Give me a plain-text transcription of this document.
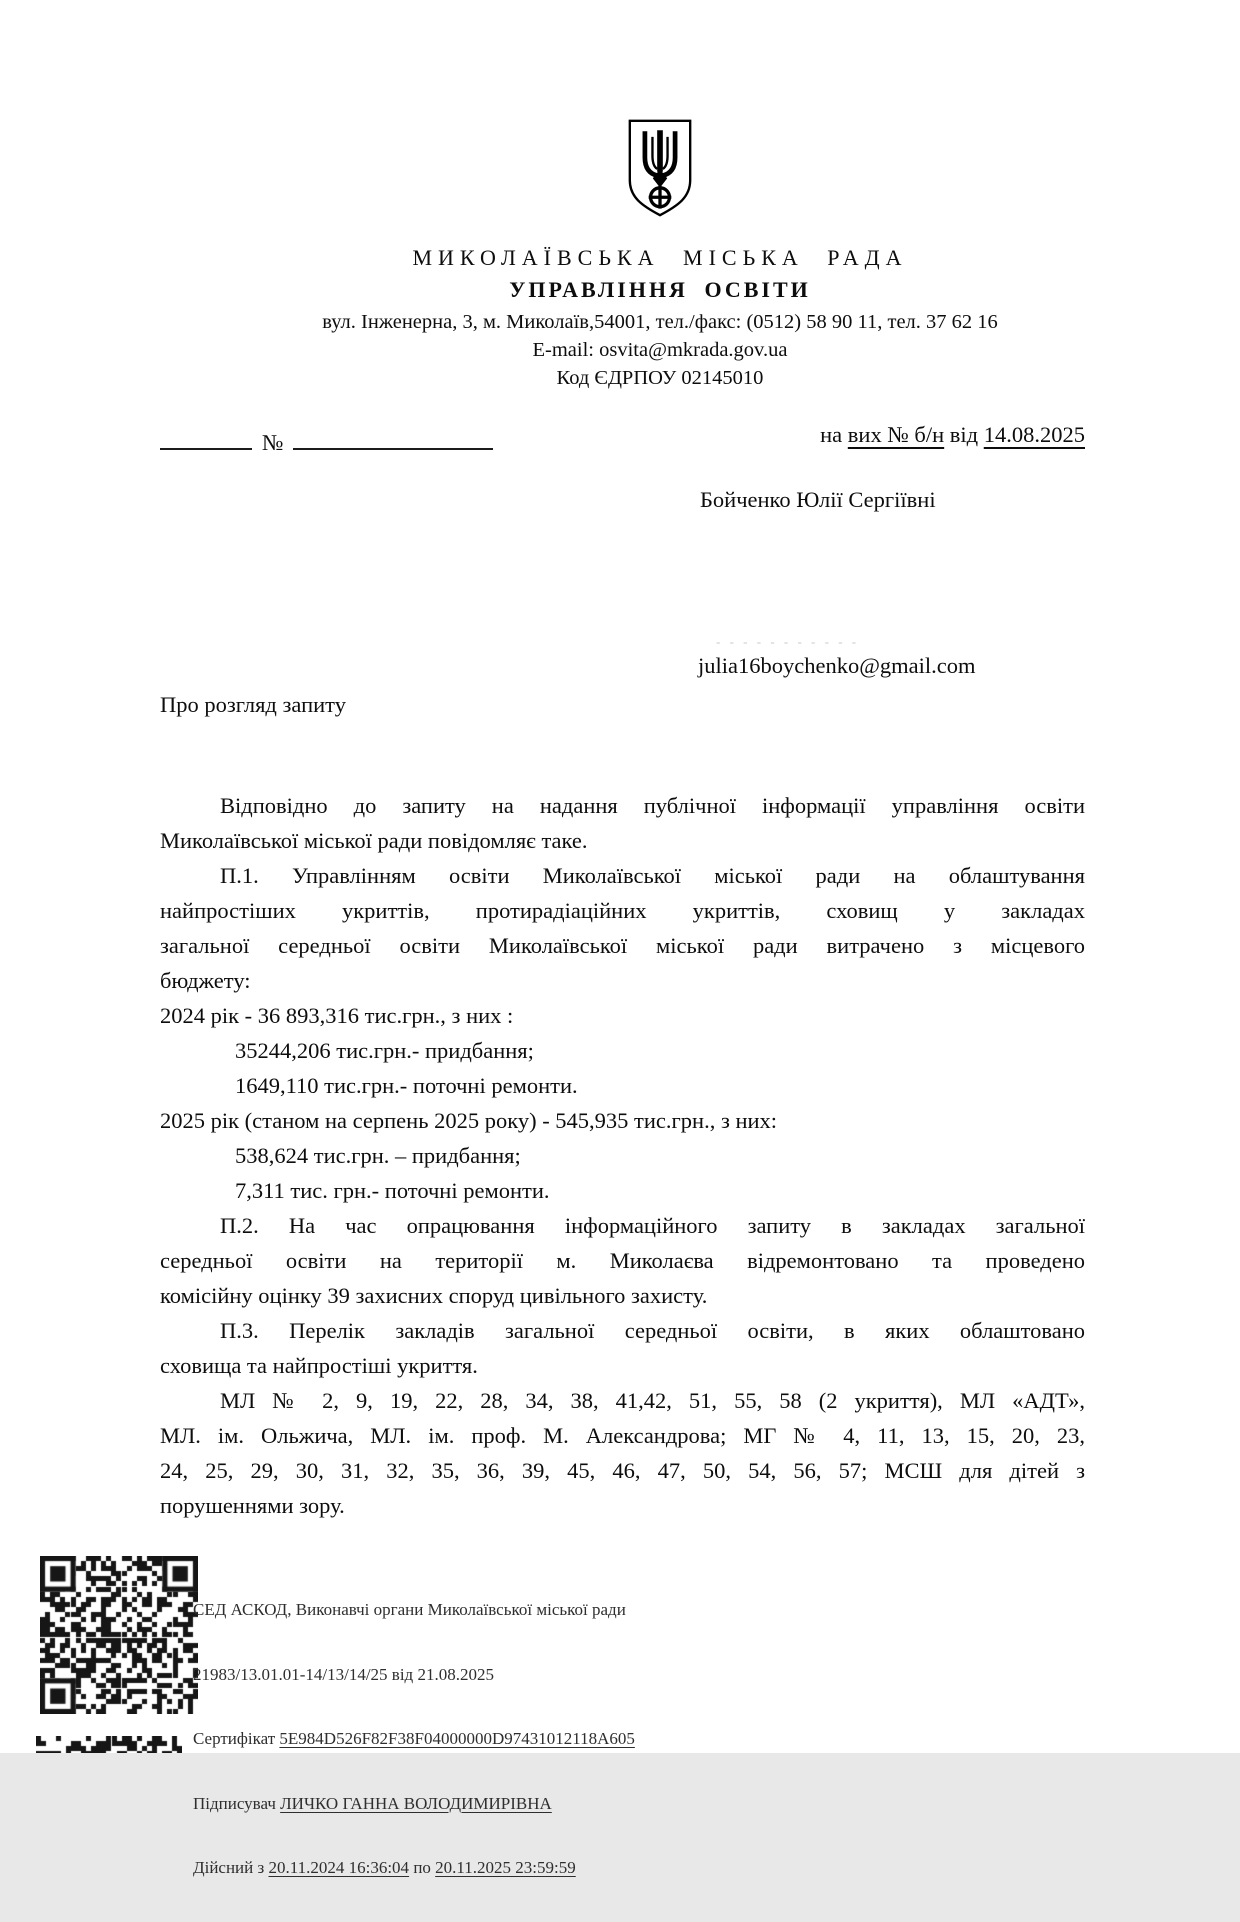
МИКОЛАЇВСЬКА МІСЬКА РАДА
УПРАВЛІННЯ ОСВІТИ
вул. Інженерна, 3, м. Миколаїв,54001, тел./факс: (0512) 58 90 11, тел. 37 62 16
E-mail: osvita@mkrada.gov.ua
Код ЄДРПОУ 02145010
№	на вих № б/н від 14.08.2025
Бойченко Юлії Сергіївні
- - - - - - - - - - -
julia16boychenko@gmail.com
Про розгляд запиту
Відповідно до запиту на надання публічної інформації управління освіти
Миколаївської міської ради повідомляє таке.
П.1. Управлінням освіти Миколаївської міської ради на облаштування
найпростіших укриттів, протирадіаційних укриттів, сховищ у закладах
загальної середньої освіти Миколаївської міської ради витрачено з місцевого
бюджету:
2024 рік - 36 893,316 тис.грн., з них :
35244,206 тис.грн.- придбання;
1649,110 тис.грн.- поточні ремонти.
2025 рік (станом на серпень 2025 року) - 545,935 тис.грн., з них:
538,624 тис.грн. – придбання;
7,311 тис. грн.- поточні ремонти.
П.2. На час опрацювання інформаційного запиту в закладах загальної
середньої освіти на території м. Миколаєва відремонтовано та проведено
комісійну оцінку 39 захисних споруд цивільного захисту.
П.3. Перелік закладів загальної середньої освіти, в яких облаштовано
сховища та найпростіші укриття.
МЛ № 2, 9, 19, 22, 28, 34, 38, 41,42, 51, 55, 58 (2 укриття), МЛ «АДТ»,
МЛ. ім. Ольжича, МЛ. ім. проф. М. Александрова; МГ № 4, 11, 13, 15, 20, 23,
24, 25, 29, 30, 31, 32, 35, 36, 39, 45, 46, 47, 50, 54, 56, 57; МСШ для дітей з
порушеннями зору.

СЕД АСКОД, Виконавчі органи Миколаївської міської ради

21983/13.01.01-14/13/14/25 від 21.08.2025

Сертифікат 5E984D526F82F38F04000000D97431012118A605

Підписувач ЛИЧКО ГАННА ВОЛОДИМИРІВНА

Дійсний з 20.11.2024 16:36:04 по 20.11.2025 23:59:59
